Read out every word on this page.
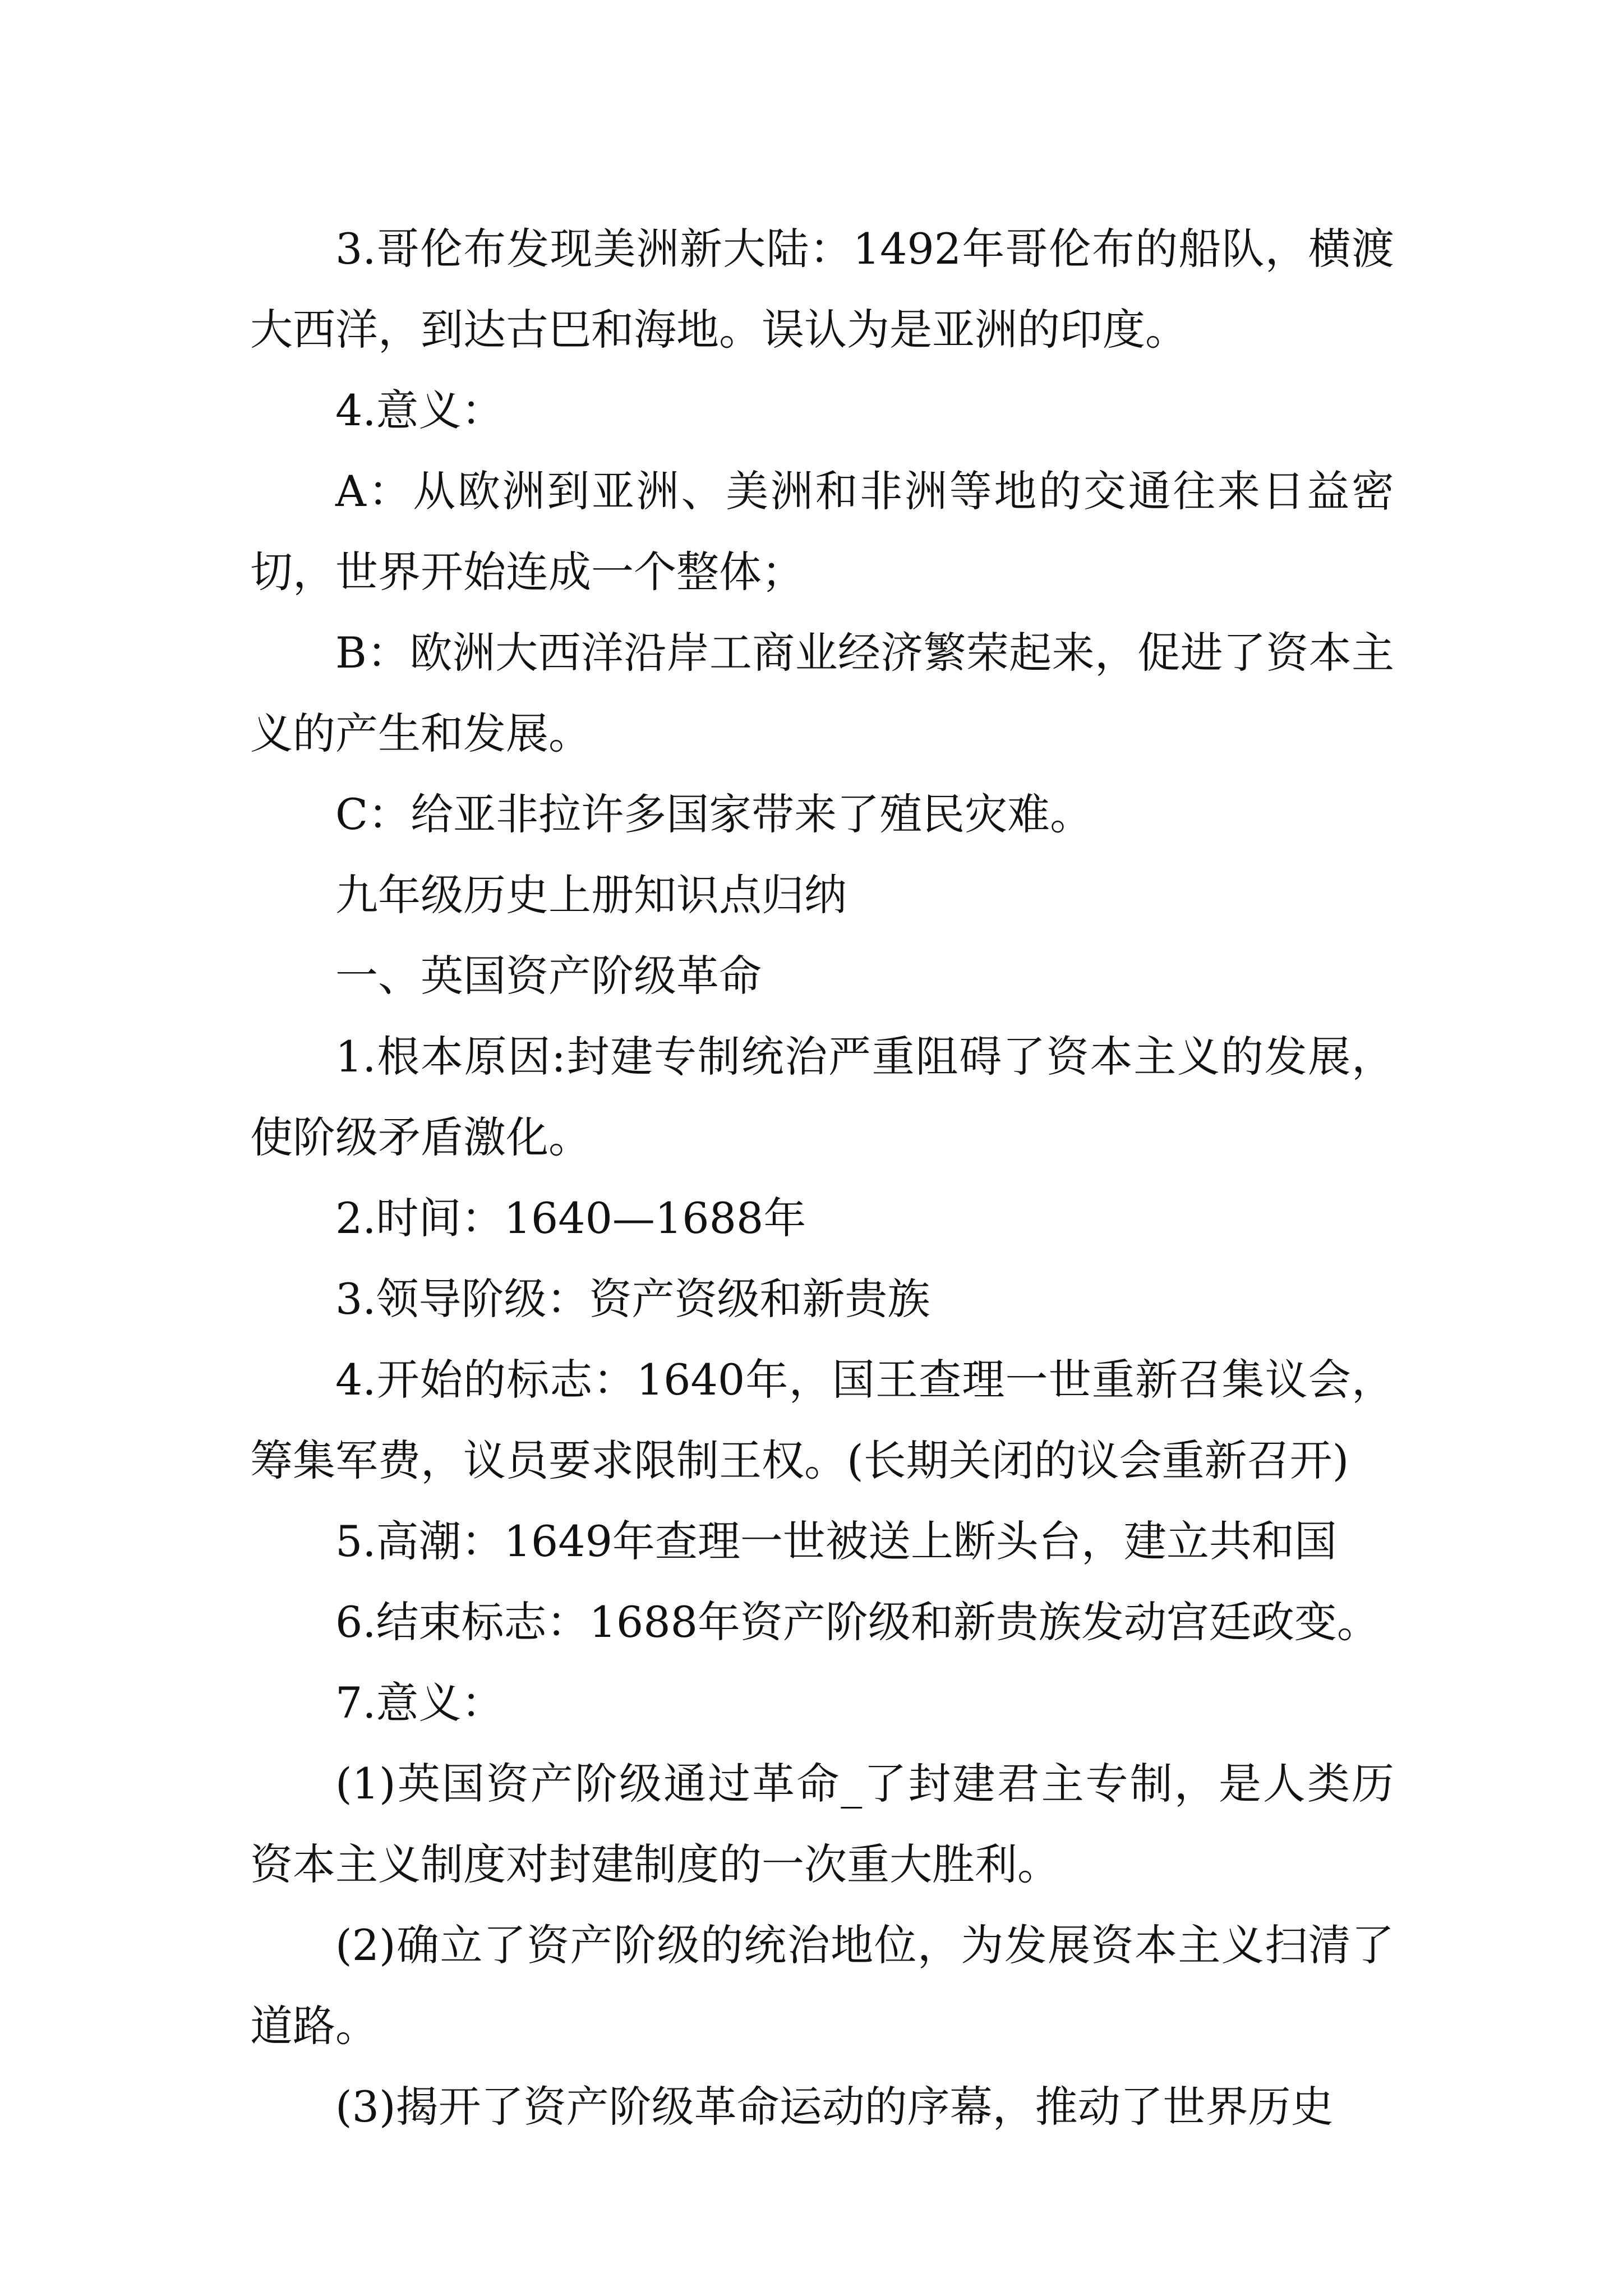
3.哥伦布发现美洲新大陆：1492年哥伦布的船队，横渡大西洋，到达古巴和海地。误认为是亚洲的印度。

4.意义：

A：从欧洲到亚洲、美洲和非洲等地的交通往来日益密切，世界开始连成一个整体；

B：欧洲大西洋沿岸工商业经济繁荣起来，促进了资本主义的产生和发展。

C：给亚非拉许多国家带来了殖民灾难。

九年级历史上册知识点归纳

一、英国资产阶级革命

1.根本原因:封建专制统治严重阻碍了资本主义的发展，使阶级矛盾激化。

2.时间：1640—1688年

3.领导阶级：资产资级和新贵族

4.开始的标志：1640年，国王查理一世重新召集议会，筹集军费，议员要求限制王权。(长期关闭的议会重新召开)

5.高潮：1649年查理一世被送上断头台，建立共和国

6.结束标志：1688年资产阶级和新贵族发动宫廷政变。

7.意义：

(1)英国资产阶级通过革命_了封建君主专制，是人类历资本主义制度对封建制度的一次重大胜利。

(2)确立了资产阶级的统治地位，为发展资本主义扫清了道路。

(3)揭开了资产阶级革命运动的序幕，推动了世界历史
